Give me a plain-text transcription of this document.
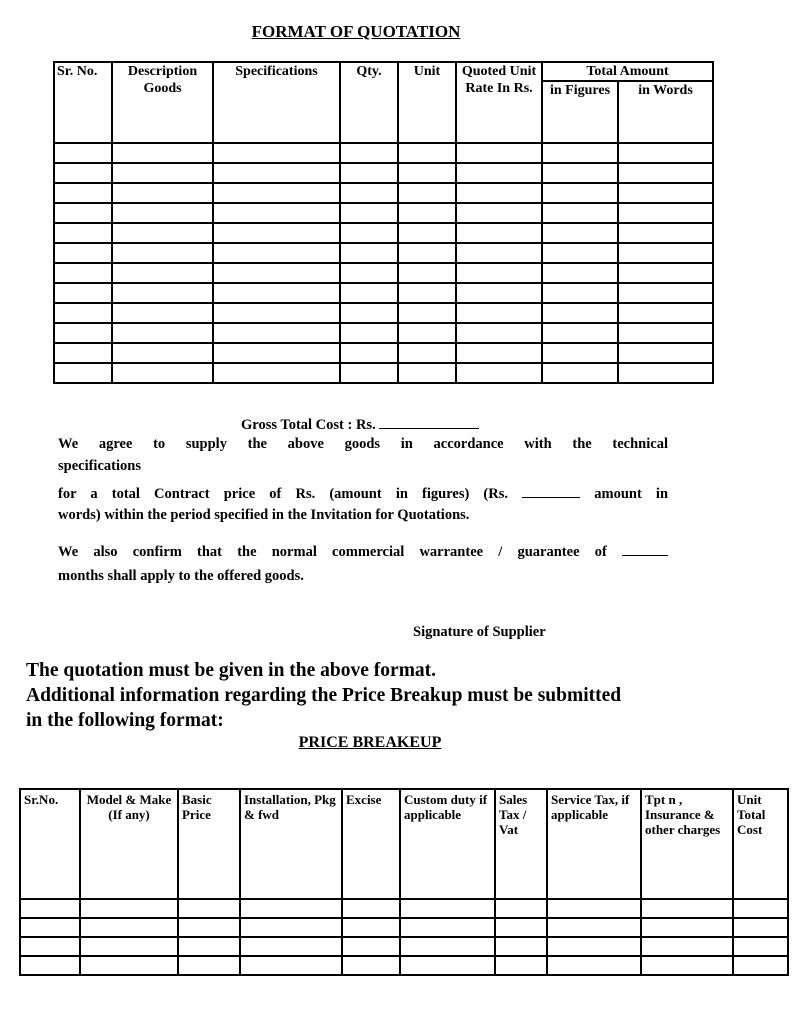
FORMAT OF QUOTATION
Sr. No.	Description Goods	Specifications	Qty.	Unit	Quoted Unit Rate In Rs.	Total Amount	
						in Figures	in Words

Gross Total Cost : Rs.
We agree to supply the above goods in accordance with the technical
specifications
for a total Contract price of Rs. (amount in figures) (Rs.	amount in
words) within the period specified in the Invitation for Quotations.
We also confirm that the normal commercial warrantee / guarantee of
months shall apply to the offered goods.
Signature of Supplier
The quotation must be given in the above format.
Additional information regarding the Price Breakup must be submitted
in the following format:
PRICE BREAKEUP
Sr.No.	Model & Make (If any)	Basic Price	Installation, Pkg & fwd	Excise	Custom duty if applicable	Sales Tax / Vat	Service Tax, if applicable	Tpt n , Insurance & other charges	Unit Total Cost
